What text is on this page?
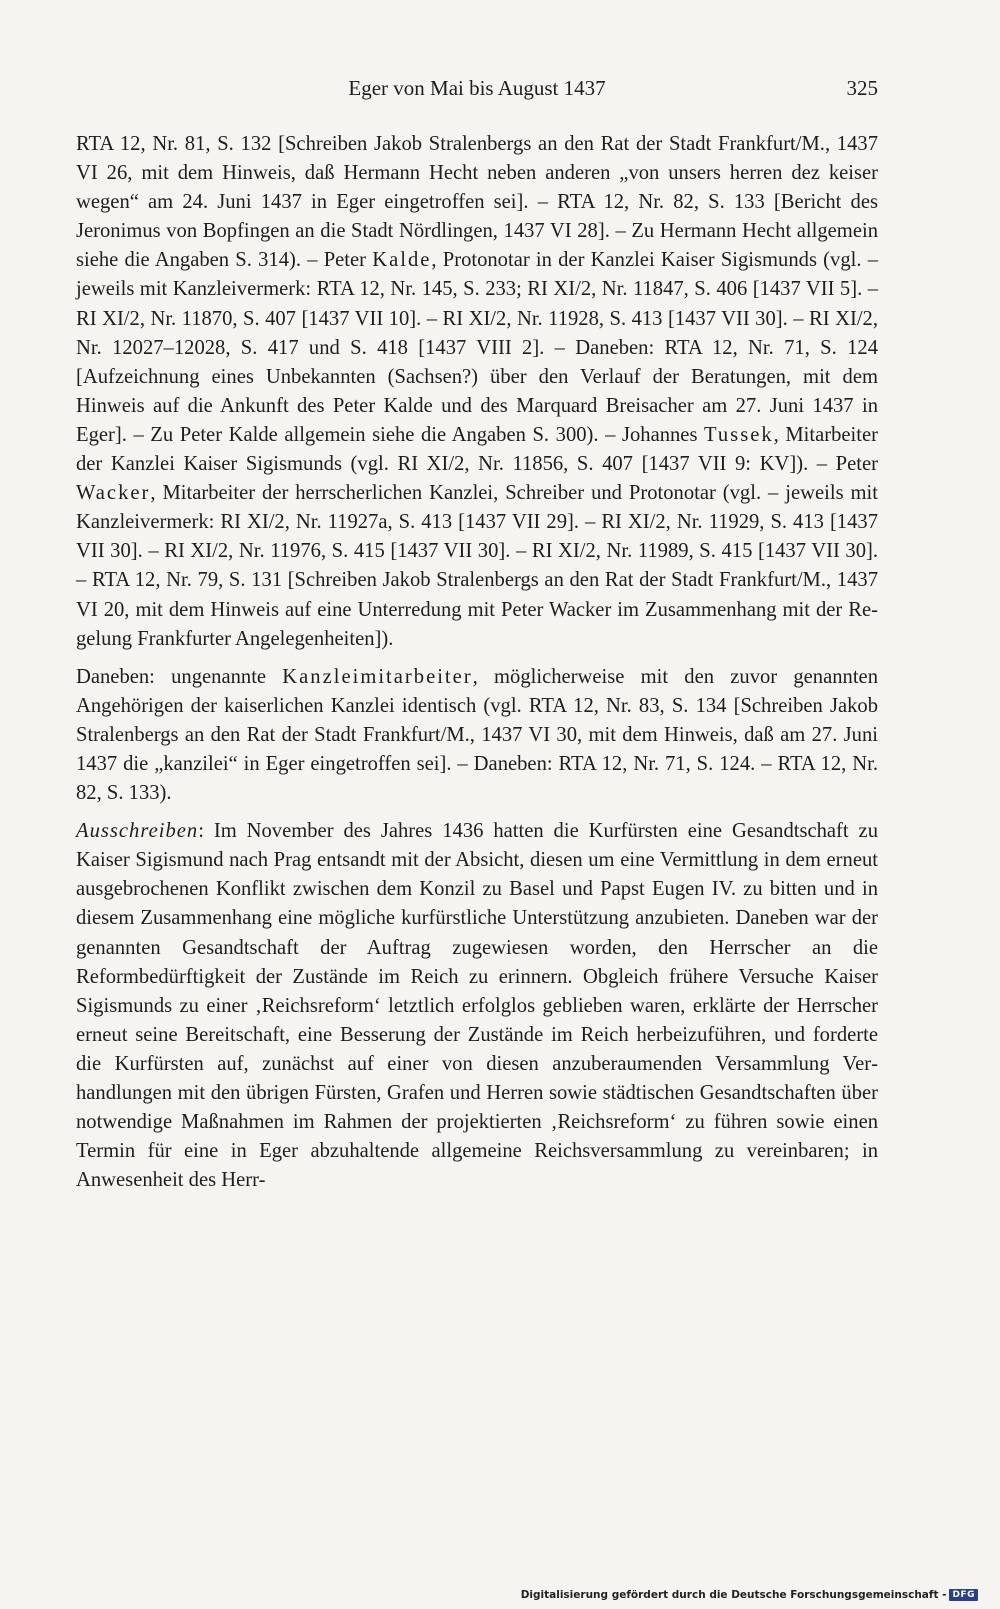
Eger von Mai bis August 1437	325

RTA 12, Nr. 81, S. 132 [Schreiben Jakob Stralenbergs an den Rat der Stadt Frankfurt/M., 1437 VI 26, mit dem Hinweis, daß Hermann Hecht neben anderen „von unsers herren dez keiser wegen“ am 24. Juni 1437 in Eger eingetroffen sei]. – RTA 12, Nr. 82, S. 133 [Bericht des Jeronimus von Bopfingen an die Stadt Nördlingen, 1437 VI 28]. – Zu Hermann Hecht allgemein siehe die Angaben S. 314). – Peter Kalde, Protonotar in der Kanzlei Kaiser Sigismunds (vgl. – jeweils mit Kanzleivermerk: RTA 12, Nr. 145, S. 233; RI XI/2, Nr. 11847, S. 406 [1437 VII 5]. – RI XI/2, Nr. 11870, S. 407 [1437 VII 10]. – RI XI/2, Nr. 11928, S. 413 [1437 VII 30]. – RI XI/2, Nr. 12027–12028, S. 417 und S. 418 [1437 VIII 2]. – Daneben: RTA 12, Nr. 71, S. 124 [Aufzeichnung eines Unbekannten (Sachsen?) über den Verlauf der Beratungen, mit dem Hinweis auf die Ankunft des Peter Kalde und des Marquard Breisacher am 27. Juni 1437 in Eger]. – Zu Peter Kalde allgemein siehe die Angaben S. 300). – Johannes Tussek, Mitarbeiter der Kanzlei Kaiser Sigismunds (vgl. RI XI/2, Nr. 11856, S. 407 [1437 VII 9: KV]). – Peter Wacker, Mitarbeiter der herrscherlichen Kanzlei, Schreiber und Protonotar (vgl. – jeweils mit Kanzleivermerk: RI XI/2, Nr. 11927a, S. 413 [1437 VII 29]. – RI XI/2, Nr. 11929, S. 413 [1437 VII 30]. – RI XI/2, Nr. 11976, S. 415 [1437 VII 30]. – RI XI/2, Nr. 11989, S. 415 [1437 VII 30]. – RTA 12, Nr. 79, S. 131 [Schreiben Jakob Stralenbergs an den Rat der Stadt Frankfurt/M., 1437 VI 20, mit dem Hinweis auf eine Unterredung mit Peter Wacker im Zusammenhang mit der Regelung Frankfurter Angelegenheiten]).

Daneben: ungenannte Kanzleimitarbeiter, möglicherweise mit den zuvor genannten Angehörigen der kaiserlichen Kanzlei identisch (vgl. RTA 12, Nr. 83, S. 134 [Schreiben Jakob Stralenbergs an den Rat der Stadt Frankfurt/M., 1437 VI 30, mit dem Hinweis, daß am 27. Juni 1437 die „kanzilei“ in Eger eingetroffen sei]. – Daneben: RTA 12, Nr. 71, S. 124. – RTA 12, Nr. 82, S. 133).

Ausschreiben: Im November des Jahres 1436 hatten die Kurfürsten eine Gesandtschaft zu Kaiser Sigismund nach Prag entsandt mit der Absicht, diesen um eine Vermittlung in dem erneut ausgebrochenen Konflikt zwischen dem Konzil zu Basel und Papst Eugen IV. zu bitten und in diesem Zusammenhang eine mögliche kurfürstliche Unterstützung anzubieten. Daneben war der genannten Gesandtschaft der Auftrag zugewiesen worden, den Herrscher an die Reformbedürftigkeit der Zustände im Reich zu erinnern. Obgleich frühere Versuche Kaiser Sigismunds zu einer ‚Reichsreform‘ letztlich erfolglos geblieben waren, erklärte der Herrscher erneut seine Bereitschaft, eine Besserung der Zustände im Reich herbeizuführen, und forderte die Kurfürsten auf, zunächst auf einer von diesen anzuberaumenden Versammlung Verhandlungen mit den übrigen Fürsten, Grafen und Herren sowie städtischen Gesandtschaften über notwendige Maßnahmen im Rahmen der projektierten ‚Reichsreform‘ zu führen sowie einen Termin für eine in Eger abzuhaltende allgemeine Reichsversammlung zu vereinbaren; in Anwesenheit des Herr-

Digitalisierung gefördert durch die Deutsche Forschungsgemeinschaft - DFG
